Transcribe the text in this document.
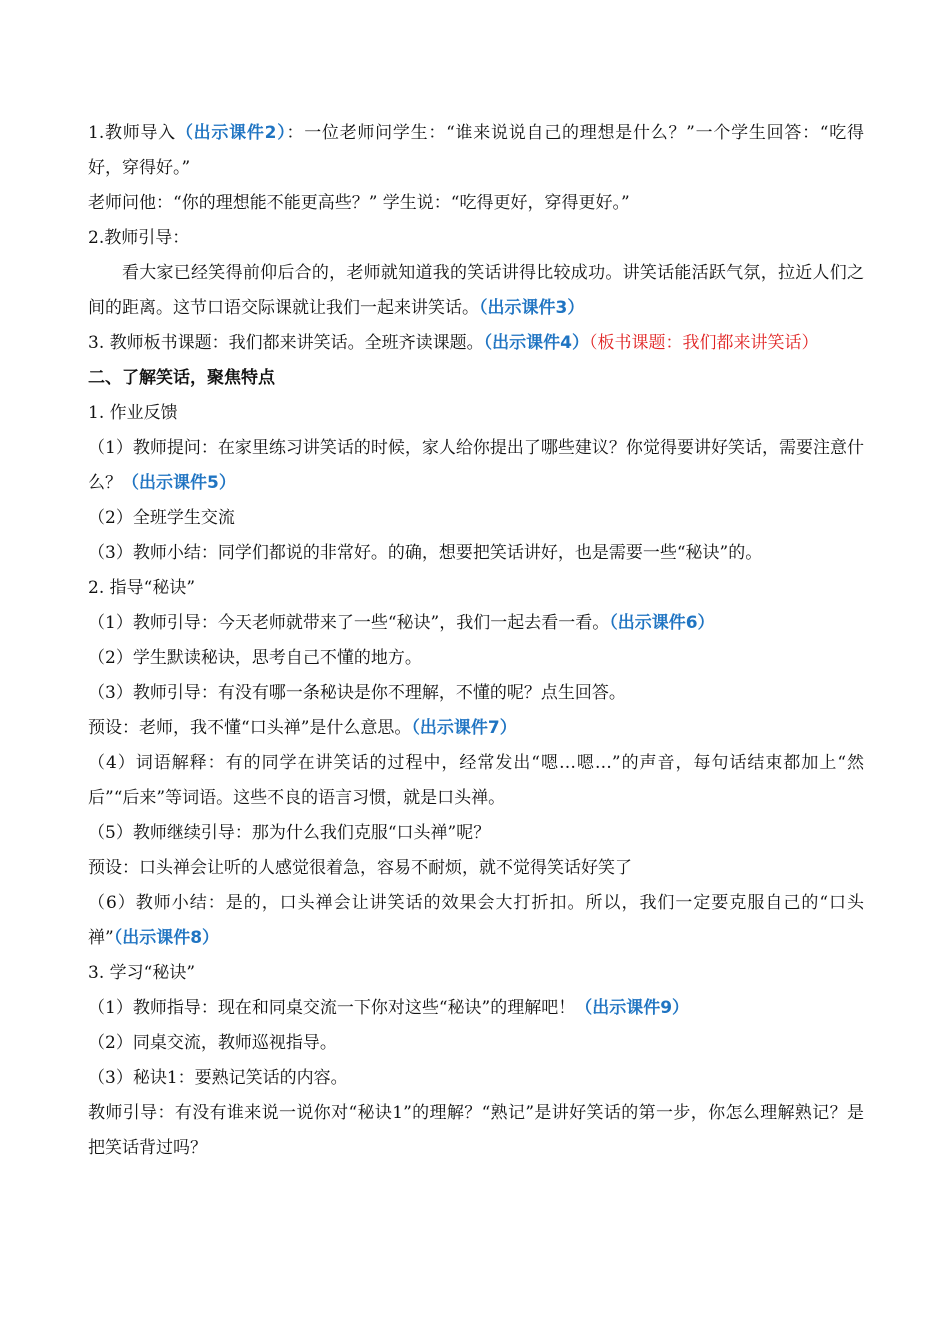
1.教师导入（出示课件2）：一位老师问学生：“谁来说说自己的理想是什么？”一个学生回答：“吃得好，穿得好。”

老师问他：“你的理想能不能更高些？” 学生说：“吃得更好，穿得更好。”

2.教师引导：

看大家已经笑得前仰后合的，老师就知道我的笑话讲得比较成功。讲笑话能活跃气氛，拉近人们之间的距离。这节口语交际课就让我们一起来讲笑话。（出示课件3）

3. 教师板书课题：我们都来讲笑话。全班齐读课题。（出示课件4）（板书课题：我们都来讲笑话）

二、了解笑话，聚焦特点

1. 作业反馈

（1）教师提问：在家里练习讲笑话的时候，家人给你提出了哪些建议？你觉得要讲好笑话，需要注意什么？（出示课件5）

（2）全班学生交流

（3）教师小结：同学们都说的非常好。的确，想要把笑话讲好，也是需要一些“秘诀”的。

2. 指导“秘诀”

（1）教师引导：今天老师就带来了一些“秘诀”，我们一起去看一看。（出示课件6）

（2）学生默读秘诀，思考自己不懂的地方。

（3）教师引导：有没有哪一条秘诀是你不理解，不懂的呢？点生回答。

预设：老师，我不懂“口头禅”是什么意思。（出示课件7）

（4）词语解释：有的同学在讲笑话的过程中，经常发出“嗯…嗯…”的声音，每句话结束都加上“然后”“后来”等词语。这些不良的语言习惯，就是口头禅。

（5）教师继续引导：那为什么我们克服“口头禅”呢？

预设：口头禅会让听的人感觉很着急，容易不耐烦，就不觉得笑话好笑了

（6）教师小结：是的，口头禅会让讲笑话的效果会大打折扣。所以，我们一定要克服自己的“口头禅”（出示课件8）

3. 学习“秘诀”

（1）教师指导：现在和同桌交流一下你对这些“秘诀”的理解吧！（出示课件9）

（2）同桌交流，教师巡视指导。

（3）秘诀1：要熟记笑话的内容。

教师引导：有没有谁来说一说你对“秘诀1”的理解？“熟记”是讲好笑话的第一步，你怎么理解熟记？是把笑话背过吗？
